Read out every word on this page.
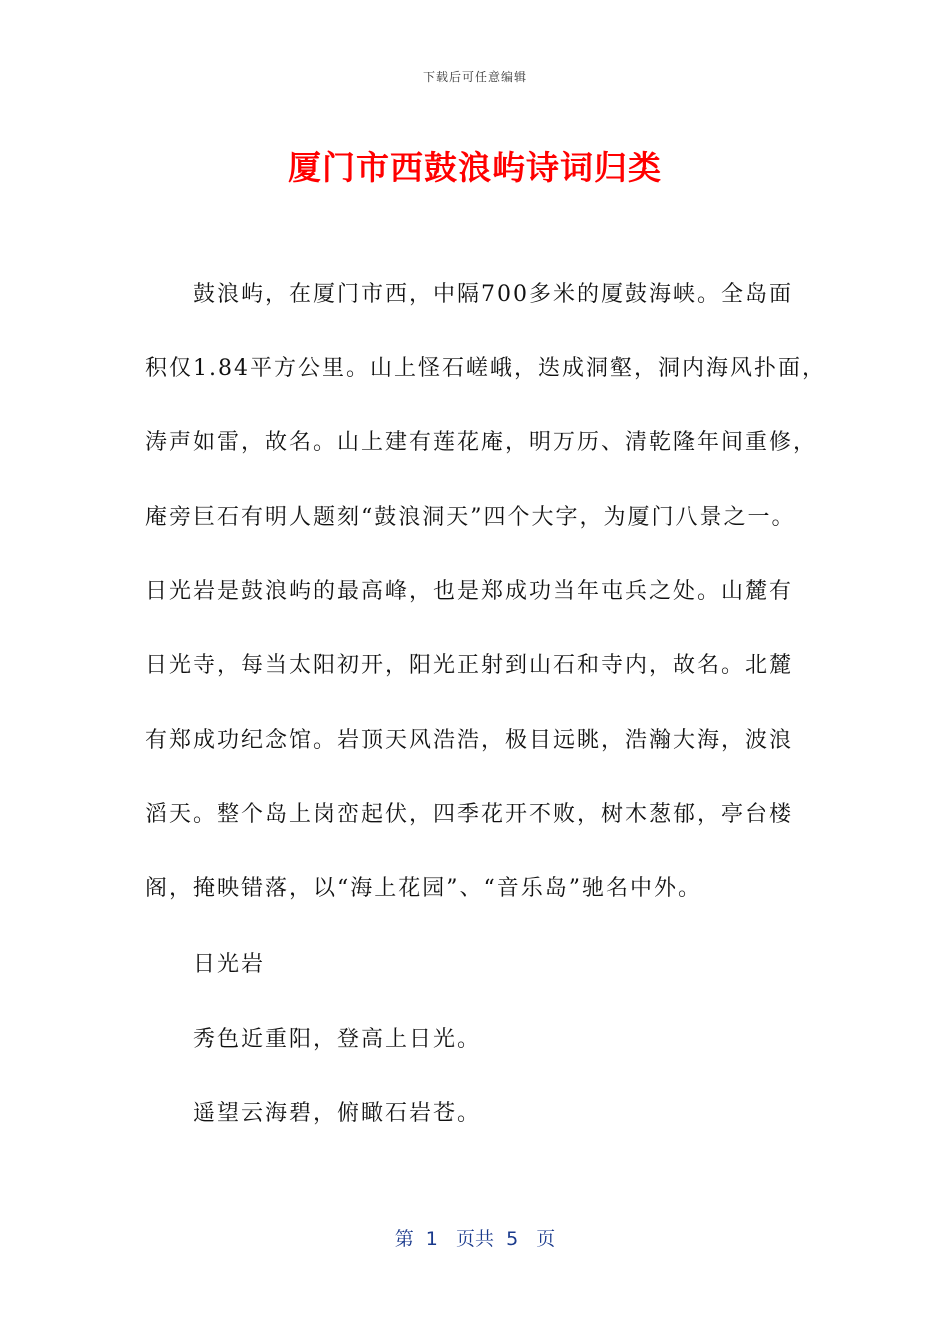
下载后可任意编辑
厦门市西鼓浪屿诗词归类
鼓浪屿，在厦门市西，中隔700多米的厦鼓海峡。全岛面
积仅1.84平方公里。山上怪石嵯峨，迭成洞壑，洞内海风扑面，
涛声如雷，故名。山上建有莲花庵，明万历、清乾隆年间重修，
庵旁巨石有明人题刻“鼓浪洞天”四个大字，为厦门八景之一。
日光岩是鼓浪屿的最高峰，也是郑成功当年屯兵之处。山麓有
日光寺，每当太阳初开，阳光正射到山石和寺内，故名。北麓
有郑成功纪念馆。岩顶天风浩浩，极目远眺，浩瀚大海，波浪
滔天。整个岛上岗峦起伏，四季花开不败，树木葱郁，亭台楼
阁，掩映错落，以“海上花园”、“音乐岛”驰名中外。
日光岩
秀色近重阳，登高上日光。
遥望云海碧，俯瞰石岩苍。
第  1   页共  5   页
